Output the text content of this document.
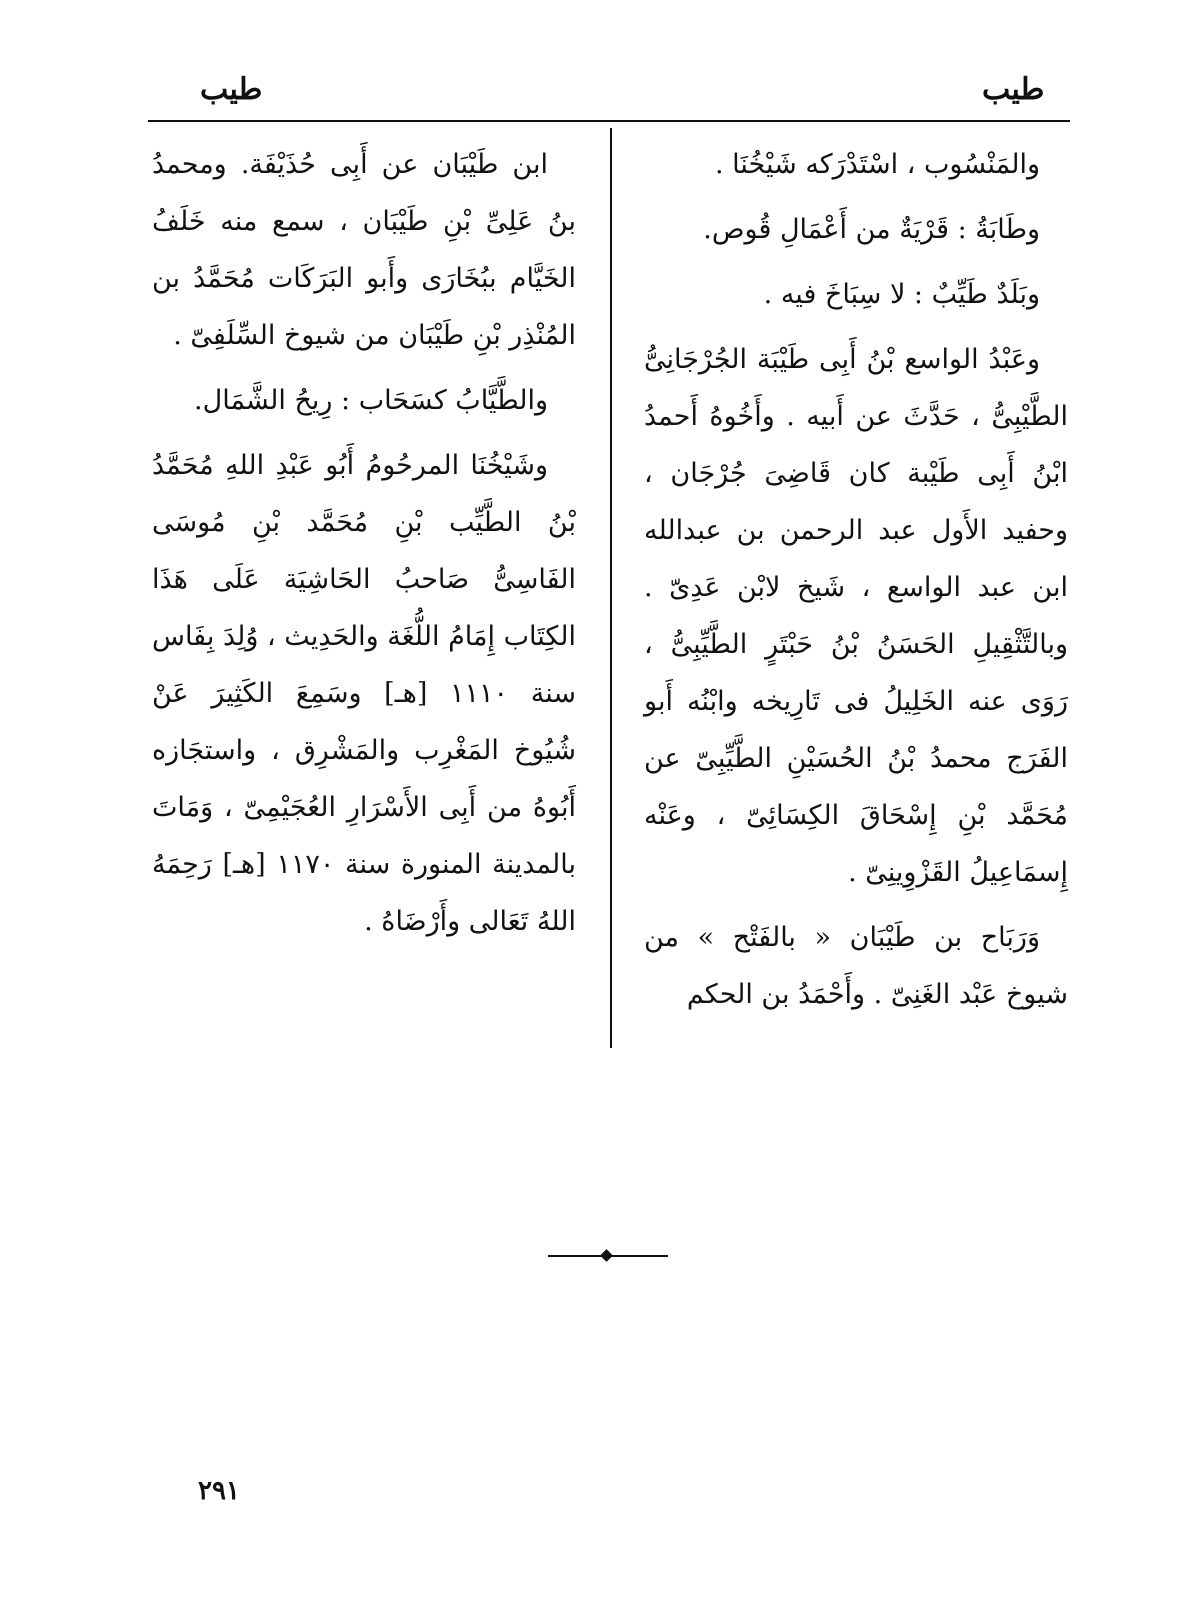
طيب
طيب

والمَنْسُوب ، اسْتَدْرَكه شَيْخُنَا .

وطَابَةُ : قَرْيَةٌ من أَعْمَالِ قُوص.

وبَلَدٌ طَيِّبٌ : لا سِبَاخَ فيه .

وعَبْدُ الواسع بْنُ أَبِى طَيْبَة الجُرْجَانِىُّ الطَّيْبِىُّ ، حَدَّثَ عن أَبيه . وأَخُوهُ أَحمدُ ابْنُ أَبِى طَيْبة كان قَاضِىَ جُرْجَان ، وحفيد الأَول عبد الرحمن بن عبدالله ابن عبد الواسع ، شَيخ لابْن عَدِىّ . وبالتَّثْقِيلِ الحَسَنُ بْنُ حَبْتَرٍ الطَّيِّبِىُّ ، رَوَى عنه الخَلِيلُ فى تَارِيخه وابْنُه أَبو الفَرَج محمدُ بْنُ الحُسَيْنِ الطَّيِّبِىّ عن مُحَمَّد بْنِ إِسْحَاقَ الكِسَائِىّ ، وعَنْه إِسمَاعِيلُ القَزْوِينِىّ .

وَرَبَاح بن طَيْبَان « بالفَتْح » من شيوخ عَبْد الغَنِىّ . وأَحْمَدُ بن الحكم

ابن طَيْبَان عن أَبِى حُذَيْفَة. ومحمدُ بنُ عَلِىِّ بْنِ طَيْبَان ، سمع منه خَلَفُ الخَيَّام ببُخَارَى وأَبو البَرَكَات مُحَمَّدُ بن المُنْذِر بْنِ طَيْبَان من شيوخ السِّلَفِىّ .

والطَّيَّابُ كسَحَاب : رِيحُ الشَّمَال.

وشَيْخُنَا المرحُومُ أَبُو عَبْدِ اللهِ مُحَمَّدُ بْنُ الطَّيِّب بْنِ مُحَمَّد بْنِ مُوسَى الفَاسِىُّ صَاحبُ الحَاشِيَة عَلَى هَذَا الكِتَاب إِمَامُ اللُّغَة والحَدِيث ، وُلِدَ بِفَاس سنة ١١١٠ [هـ] وسَمِعَ الكَثِيرَ عَنْ شُيُوخ المَغْرِب والمَشْرِق ، واستجَازه أَبُوهُ من أَبِى الأَسْرَارِ العُجَيْمِىّ ، وَمَاتَ بالمدينة المنورة سنة ١١٧٠ [هـ] رَحِمَهُ اللهُ تَعَالى وأَرْضَاهُ .

٢٩١
